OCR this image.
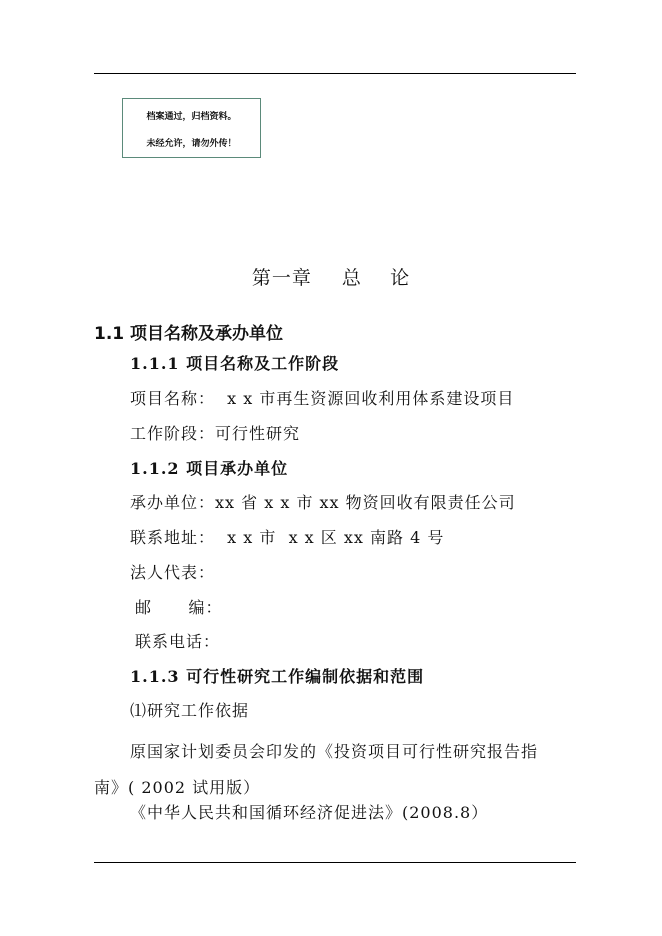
档案通过，归档资料。
未经允许，请勿外传！
第一章 总    论
1.1 项目名称及承办单位
1.1.1 项目名称及工作阶段
项目名称：  x x 市再生资源回收利用体系建设项目
工作阶段：可行性研究
1.1.2 项目承办单位
承办单位：xx 省 x x 市 xx 物资回收有限责任公司
联系地址：  x x 市  x x 区 xx 南路 4 号
法人代表：
邮      编：
联系电话：
1.1.3 可行性研究工作编制依据和范围
⑴研究工作依据
原国家计划委员会印发的《投资项目可行性研究报告指南》( 2002 试用版）
《中华人民共和国循环经济促进法》(2008.8）
